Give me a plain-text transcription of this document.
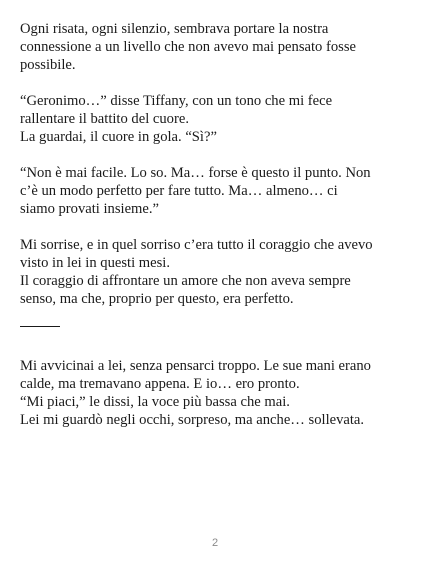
Ogni risata, ogni silenzio, sembrava portare la nostra
connessione a un livello che non avevo mai pensato fosse
possibile.

“Geronimo…” disse Tiffany, con un tono che mi fece
rallentare il battito del cuore.
La guardai, il cuore in gola. “Sì?”

“Non è mai facile. Lo so. Ma… forse è questo il punto. Non
c’è un modo perfetto per fare tutto. Ma… almeno… ci
siamo provati insieme.”

Mi sorrise, e in quel sorriso c’era tutto il coraggio che avevo
visto in lei in questi mesi.
Il coraggio di affrontare un amore che non aveva sempre
senso, ma che, proprio per questo, era perfetto.

Mi avvicinai a lei, senza pensarci troppo. Le sue mani erano
calde, ma tremavano appena. E io… ero pronto.
“Mi piaci,” le dissi, la voce più bassa che mai.
Lei mi guardò negli occhi, sorpreso, ma anche… sollevata.

2
